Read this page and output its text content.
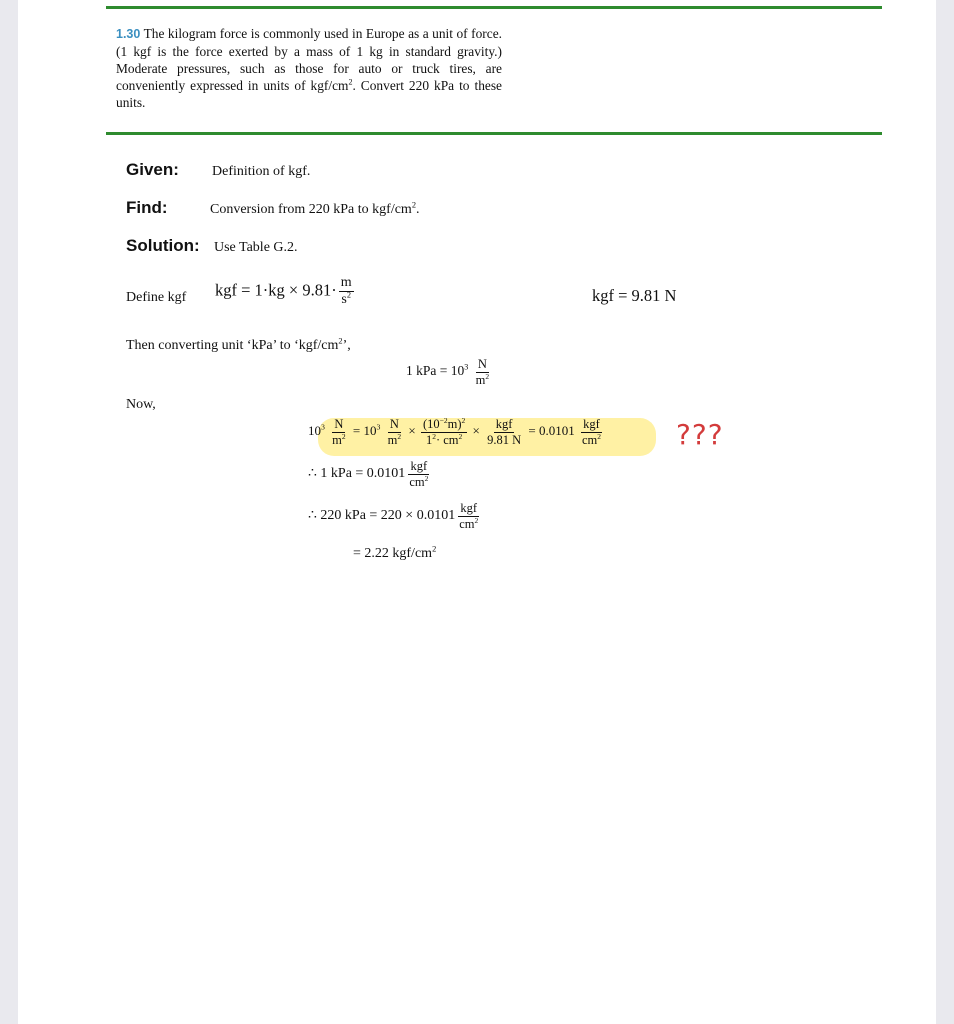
1.30 The kilogram force is commonly used in Europe as a unit of force. (1 kgf is the force exerted by a mass of 1 kg in standard gravity.) Moderate pressures, such as those for auto or truck tires, are conveniently expressed in units of kgf/$cm^2$. Convert 220 kPa to these units.
Given: Definition of kgf.
Find:	Conversion from 220 kPa to kgf/$cm^2$.
Solution: Use Table G.2.
Define kgf kgf = $1\cdot kg \times 9.81\cdot \frac{m}{s^2}$	kgf = 9.81 N
Then converting unit ‘kPa’ to ‘$kgf/cm^2$’,
1 kPa = $10^3 \frac{N}{m^2}$
Now,
$10^3 \frac{N}{m^2} = 10^3 \frac{N}{m^2} \times \frac{(10^{-2}m)^2}{1^2\cdot cm^2} \times \frac{\text{kgf}}{9.81 N} = 0.0101 \frac{\text{kgf}}{cm^2}$	???
∴ 1 kPa = $0.0101 \frac{\text{kgf}}{cm^2}$
∴ 220 kPa = $220 \times 0.0101 \frac{\text{kgf}}{cm^2}$
= 2.22 kgf/$cm^2$
